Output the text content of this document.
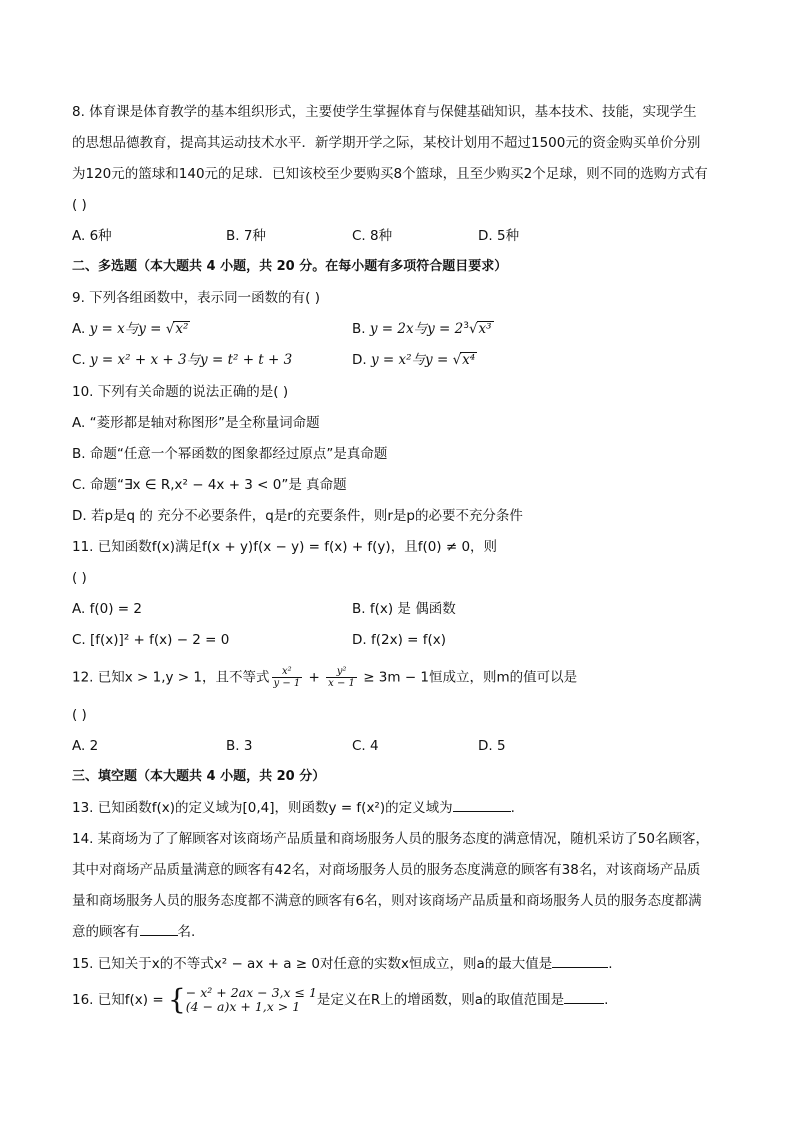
8. 体育课是体育教学的基本组织形式，主要使学生掌握体育与保健基础知识，基本技术、技能，实现学生
的思想品德教育，提高其运动技术水平．新学期开学之际，某校计划用不超过1500元的资金购买单价分别
为120元的篮球和140元的足球．已知该校至少要购买8个篮球，且至少购买2个足球，则不同的选购方式有
( )
A. 6种	B. 7种	C. 8种	D. 5种
二、多选题（本大题共 4 小题，共 20 分。在每小题有多项符合题目要求）
9. 下列各组函数中，表示同一函数的有( )
A. y = x与y = √x²	B. y = 2x与$y = 2^3√x^3$
C. y = x² + x + 3与y = t² + t + 3	D. y = x²与y = √x⁴
10. 下列有关命题的说法正确的是( )
A. “菱形都是轴对称图形”是全称量词命题
B. 命题“任意一个幂函数的图象都经过原点”是真命题
C. 命题“∃x ∈ R,x² − 4x + 3 < 0”是 真命题
D. 若p是q 的 充分不必要条件，q是r的充要条件，则r是p的必要不充分条件
11. 已知函数f(x)满足f(x + y)f(x − y) = f(x) + f(y)，且f(0) ≠ 0，则
( )
A. f(0) = 2	B. f(x) 是 偶函数
C. [f(x)]² + f(x) − 2 = 0	D. f(2x) = f(x)
12. 已知x > 1,y > 1，且不等式 $\frac{\text{x²}}{y - 1} + \frac{\text{y²}}{x - 1} \ge 3m - 1$恒成立，则m的值可以是
( )
A. 2	B. 3	C. 4	D. 5
三、填空题（本大题共 4 小题，共 20 分）
13. 已知函数f(x)的定义域为[0,4]，则函数y = f(x²)的定义域为	.
14. 某商场为了了解顾客对该商场产品质量和商场服务人员的服务态度的满意情况，随机采访了50名顾客，
其中对商场产品质量满意的顾客有42名，对商场服务人员的服务态度满意的顾客有38名，对该商场产品质
量和商场服务人员的服务态度都不满意的顾客有6名，则对该商场产品质量和商场服务人员的服务态度都满
意的顾客有	名.
15. 已知关于x的不等式x² − ax + a ≥ 0对任意的实数x恒成立，则a的最大值是	.
16. 已知f(x) = { − x² + 2ax − 3,x ≤ 1
(4 − a)x + 1,x > 1	是定义在R上的增函数，则a的取值范围是	.
